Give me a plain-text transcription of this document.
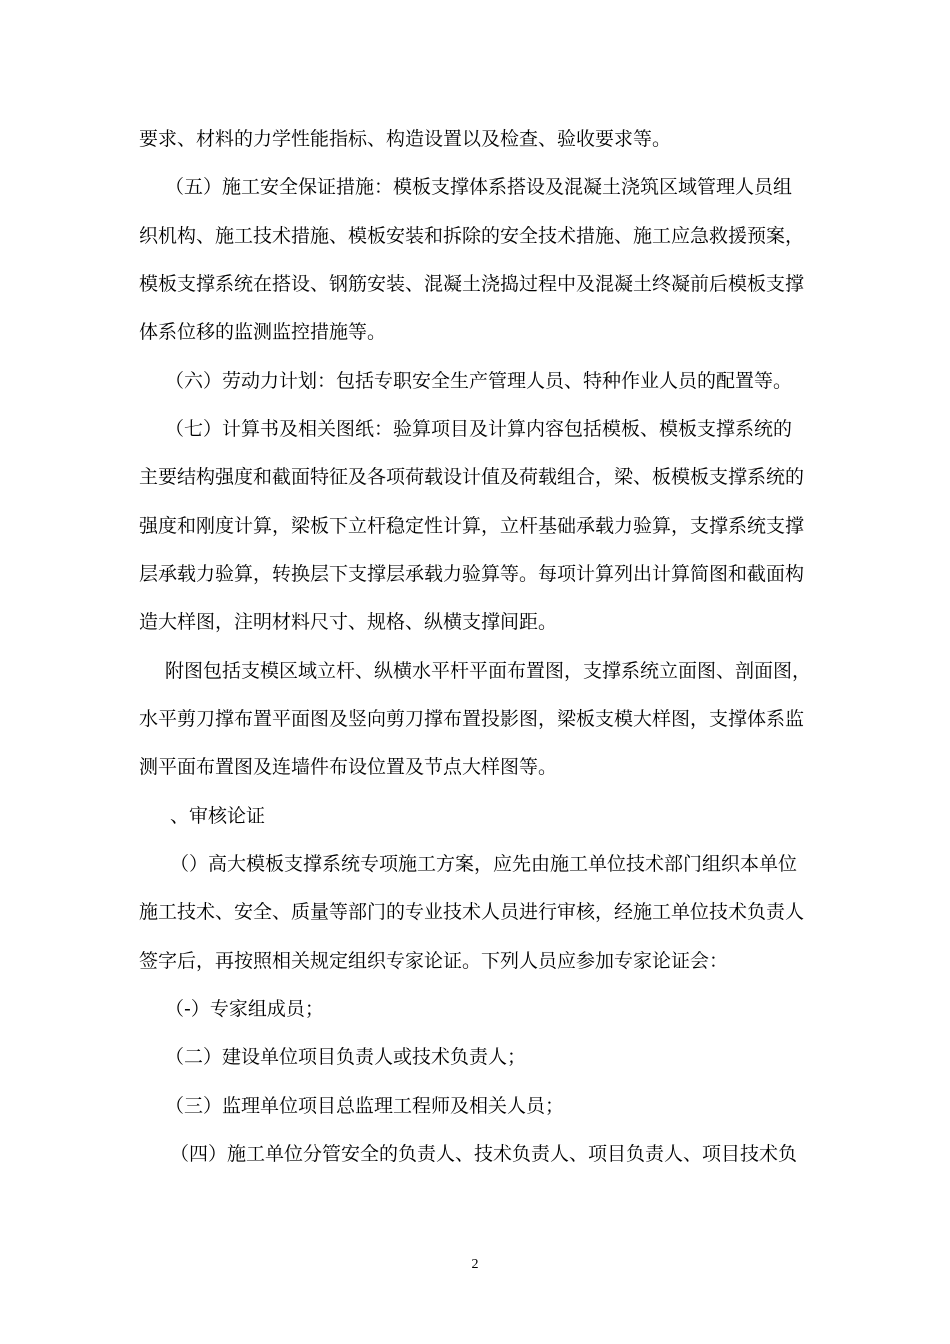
要求、材料的力学性能指标、构造设置以及检查、验收要求等。
（五）施工安全保证措施：模板支撑体系搭设及混凝土浇筑区域管理人员组
织机构、施工技术措施、模板安装和拆除的安全技术措施、施工应急救援预案，
模板支撑系统在搭设、钢筋安装、混凝土浇捣过程中及混凝土终凝前后模板支撑
体系位移的监测监控措施等。
（六）劳动力计划：包括专职安全生产管理人员、特种作业人员的配置等。
（七）计算书及相关图纸：验算项目及计算内容包括模板、模板支撑系统的
主要结构强度和截面特征及各项荷载设计值及荷载组合，梁、板模板支撑系统的
强度和刚度计算，梁板下立杆稳定性计算，立杆基础承载力验算，支撑系统支撑
层承载力验算，转换层下支撑层承载力验算等。每项计算列出计算简图和截面构
造大样图，注明材料尺寸、规格、纵横支撑间距。
附图包括支模区域立杆、纵横水平杆平面布置图，支撑系统立面图、剖面图，
水平剪刀撑布置平面图及竖向剪刀撑布置投影图，梁板支模大样图，支撑体系监
测平面布置图及连墙件布设位置及节点大样图等。
、审核论证
（）高大模板支撑系统专项施工方案，应先由施工单位技术部门组织本单位
施工技术、安全、质量等部门的专业技术人员进行审核，经施工单位技术负责人
签字后，再按照相关规定组织专家论证。下列人员应参加专家论证会：
（-）专家组成员；
（二）建设单位项目负责人或技术负责人；
（三）监理单位项目总监理工程师及相关人员；
（四）施工单位分管安全的负责人、技术负责人、项目负责人、项目技术负
2
